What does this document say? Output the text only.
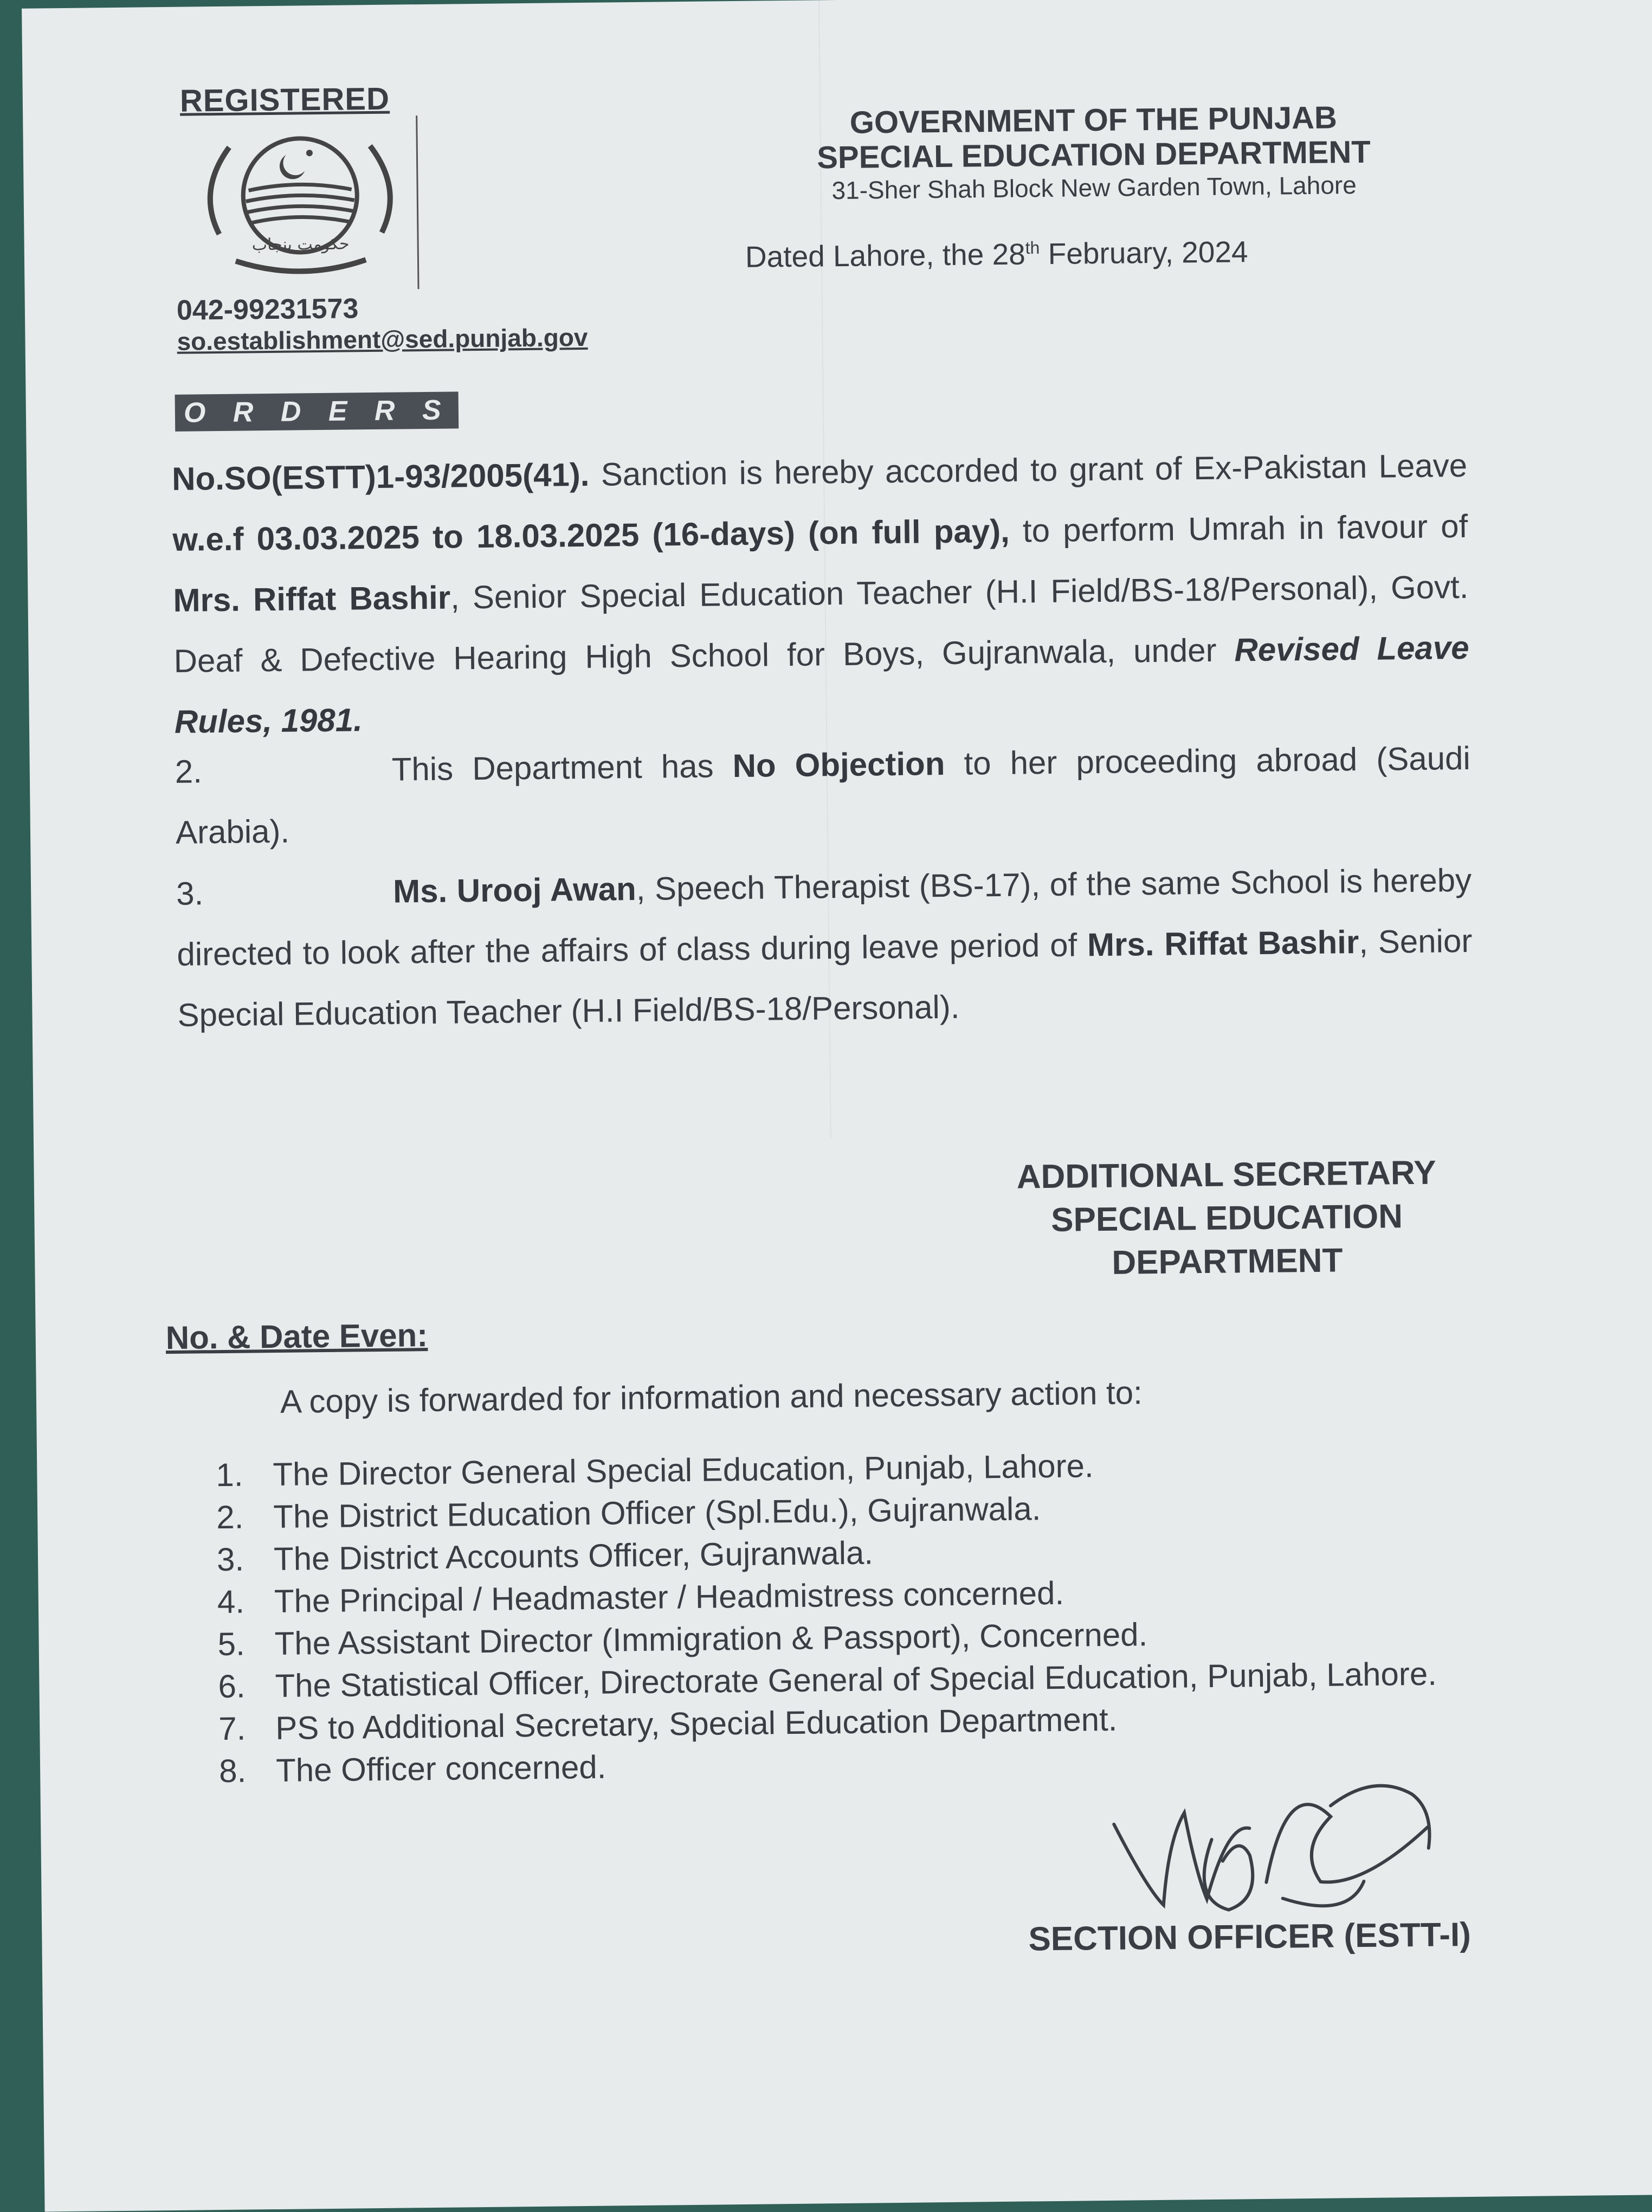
REGISTERED
حکومت پنجاب
042-99231573
so.establishment@sed.punjab.gov
GOVERNMENT OF THE PUNJAB
SPECIAL EDUCATION DEPARTMENT
31-Sher Shah Block New Garden Town, Lahore
Dated Lahore, the 28th February, 2024
O R D E R S
No.SO(ESTT)1-93/2005(41). Sanction is hereby accorded to grant of Ex-Pakistan Leave w.e.f 03.03.2025 to 18.03.2025 (16-days) (on full pay), to perform Umrah in favour of Mrs. Riffat Bashir, Senior Special Education Teacher (H.I Field/BS-18/Personal), Govt. Deaf & Defective Hearing High School for Boys, Gujranwala, under Revised Leave Rules, 1981.
2.	This Department has No Objection to her proceeding abroad (Saudi Arabia).
3.	Ms. Urooj Awan, Speech Therapist (BS-17), of the same School is hereby directed to look after the affairs of class during leave period of Mrs. Riffat Bashir, Senior Special Education Teacher (H.I Field/BS-18/Personal).
ADDITIONAL SECRETARY
SPECIAL EDUCATION
DEPARTMENT
No. & Date Even:
A copy is forwarded for information and necessary action to:
1. The Director General Special Education, Punjab, Lahore.
2. The District Education Officer (Spl.Edu.), Gujranwala.
3. The District Accounts Officer, Gujranwala.
4. The Principal / Headmaster / Headmistress concerned.
5. The Assistant Director (Immigration & Passport), Concerned.
6. The Statistical Officer, Directorate General of Special Education, Punjab, Lahore.
7. PS to Additional Secretary, Special Education Department.
8. The Officer concerned.
SECTION OFFICER (ESTT-I)
